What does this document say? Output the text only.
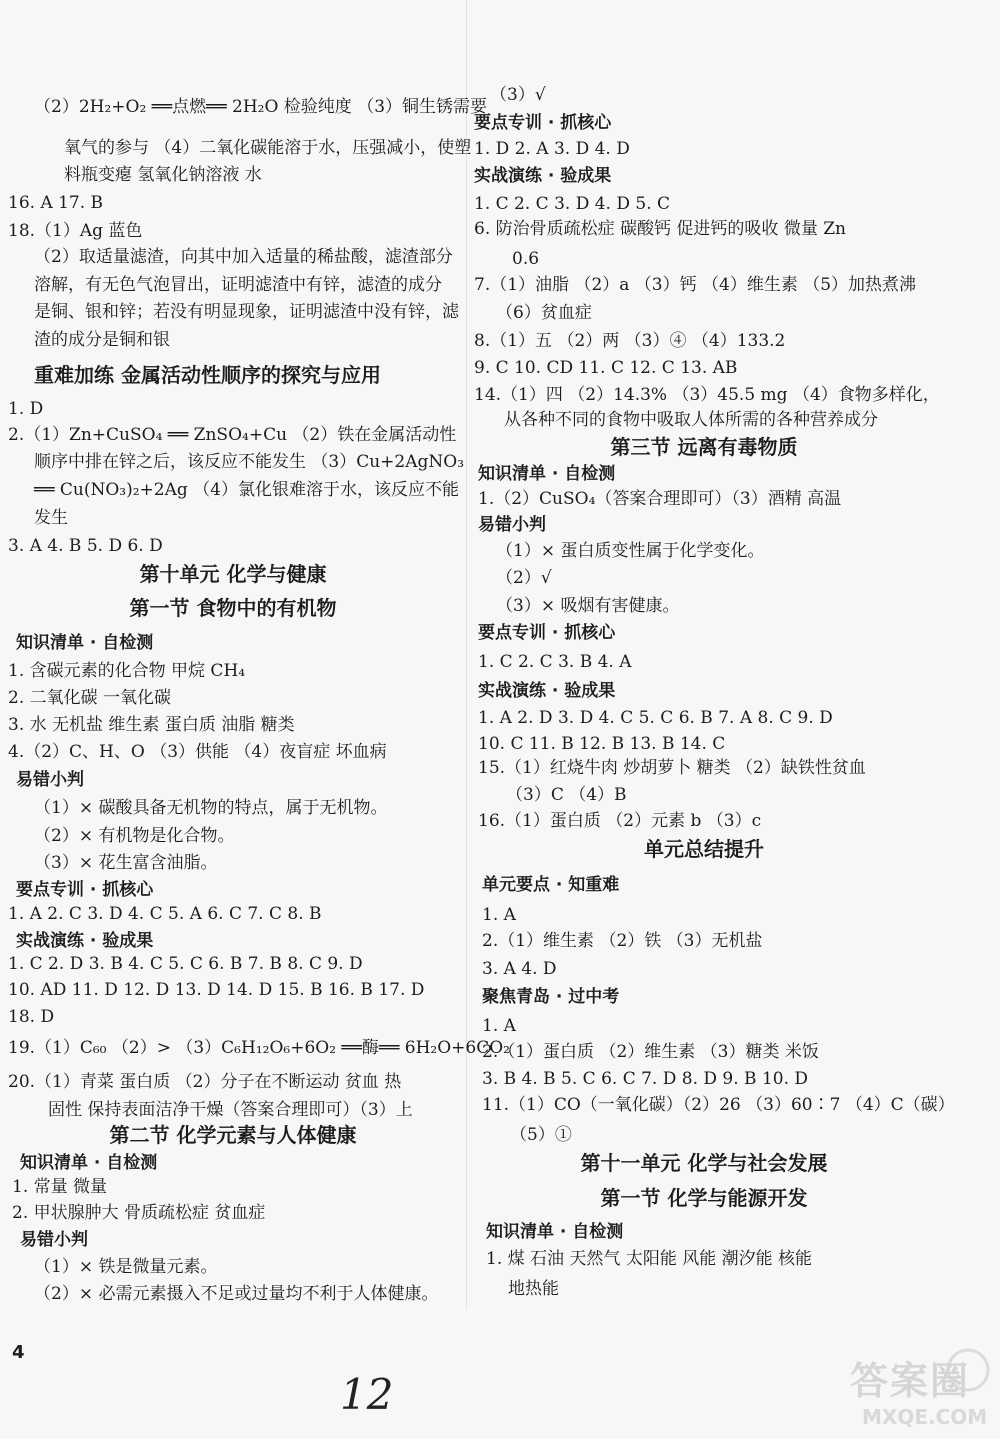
（2）2H₂+O₂ ══点燃══ 2H₂O 检验纯度 （3）铜生锈需要
氧气的参与 （4）二氧化碳能溶于水，压强减小，使塑
料瓶变瘪 氢氧化钠溶液 水
16. A 17. B
18.（1）Ag 蓝色
（2）取适量滤渣，向其中加入适量的稀盐酸，滤渣部分
溶解，有无色气泡冒出，证明滤渣中有锌，滤渣的成分
是铜、银和锌；若没有明显现象，证明滤渣中没有锌，滤
渣的成分是铜和银
重难加练 金属活动性顺序的探究与应用
1. D
2.（1）Zn+CuSO₄ ══ ZnSO₄+Cu （2）铁在金属活动性
顺序中排在锌之后，该反应不能发生 （3）Cu+2AgNO₃
══ Cu(NO₃)₂+2Ag （4）氯化银难溶于水，该反应不能
发生
3. A 4. B 5. D 6. D
第十单元 化学与健康
第一节 食物中的有机物
知识清单 · 自检测
1. 含碳元素的化合物 甲烷 CH₄
2. 二氧化碳 一氧化碳
3. 水 无机盐 维生素 蛋白质 油脂 糖类
4.（2）C、H、O （3）供能 （4）夜盲症 坏血病
易错小判
（1）× 碳酸具备无机物的特点，属于无机物。
（2）× 有机物是化合物。
（3）× 花生富含油脂。
要点专训 · 抓核心
1. A 2. C 3. D 4. C 5. A 6. C 7. C 8. B
实战演练 · 验成果
1. C 2. D 3. B 4. C 5. C 6. B 7. B 8. C 9. D
10. AD 11. D 12. D 13. D 14. D 15. B 16. B 17. D
18. D
19.（1）C₆₀ （2）> （3）C₆H₁₂O₆+6O₂ ══酶══ 6H₂O+6CO₂
20.（1）青菜 蛋白质 （2）分子在不断运动 贫血 热
固性 保持表面洁净干燥（答案合理即可）（3）上
第二节 化学元素与人体健康
知识清单 · 自检测
1. 常量 微量
2. 甲状腺肿大 骨质疏松症 贫血症
易错小判
（1）× 铁是微量元素。
（2）× 必需元素摄入不足或过量均不利于人体健康。
（3）√
要点专训 · 抓核心
1. D 2. A 3. D 4. D
实战演练 · 验成果
1. C 2. C 3. D 4. D 5. C
6. 防治骨质疏松症 碳酸钙 促进钙的吸收 微量 Zn
0.6
7.（1）油脂 （2）a （3）钙 （4）维生素 （5）加热煮沸
（6）贫血症
8.（1）五 （2）两 （3）④ （4）133.2
9. C 10. CD 11. C 12. C 13. AB
14.（1）四 （2）14.3% （3）45.5 mg （4）食物多样化，
从各种不同的食物中吸取人体所需的各种营养成分
第三节 远离有毒物质
知识清单 · 自检测
1.（2）CuSO₄（答案合理即可）（3）酒精 高温
易错小判
（1）× 蛋白质变性属于化学变化。
（2）√
（3）× 吸烟有害健康。
要点专训 · 抓核心
1. C 2. C 3. B 4. A
实战演练 · 验成果
1. A 2. D 3. D 4. C 5. C 6. B 7. A 8. C 9. D
10. C 11. B 12. B 13. B 14. C
15.（1）红烧牛肉 炒胡萝卜 糖类 （2）缺铁性贫血
（3）C （4）B
16.（1）蛋白质 （2）元素 b （3）c
单元总结提升
单元要点 · 知重难
1. A
2.（1）维生素 （2）铁 （3）无机盐
3. A 4. D
聚焦青岛 · 过中考
1. A
2.（1）蛋白质 （2）维生素 （3）糖类 米饭
3. B 4. B 5. C 6. C 7. D 8. D 9. B 10. D
11.（1）CO（一氧化碳）（2）26 （3）60∶7 （4）C（碳）
（5）①
第十一单元 化学与社会发展
第一节 化学与能源开发
知识清单 · 自检测
1. 煤 石油 天然气 太阳能 风能 潮汐能 核能
地热能
4
12	答案圈
MXQE.COM
